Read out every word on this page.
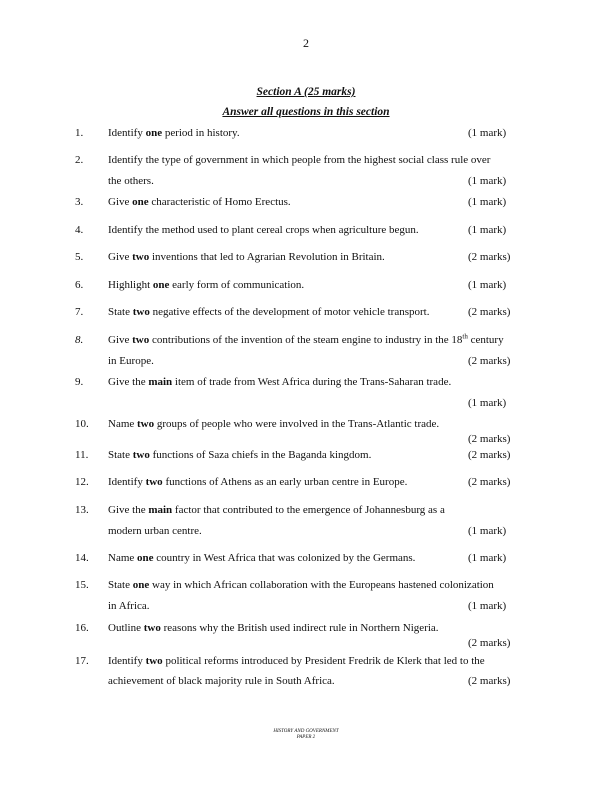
2
Section A (25 marks)
Answer all questions in this section
1. Identify one period in history.	(1 mark)
2. Identify the type of government in which people from the highest social class rule over
the others.	(1 mark)
3. Give one characteristic of Homo Erectus.	(1 mark)
4. Identify the method used to plant cereal crops when agriculture begun.	(1 mark)
5. Give two inventions that led to Agrarian Revolution in Britain.	(2 marks)
6. Highlight one early form of communication.	(1 mark)
7. State two negative effects of the development of motor vehicle transport.	(2 marks)
8. Give two contributions of the invention of the steam engine to industry in the 18th century
in Europe.	(2 marks)
9. Give the main item of trade from West Africa during the Trans-Saharan trade.
(1 mark)
10. Name two groups of people who were involved in the Trans-Atlantic trade.
(2 marks)
11. State two functions of Saza chiefs in the Baganda kingdom.	(2 marks)
12. Identify two functions of Athens as an early urban centre in Europe.	(2 marks)
13. Give the main factor that contributed to the emergence of Johannesburg as a
modern urban centre.	(1 mark)
14. Name one country in West Africa that was colonized by the Germans.	(1 mark)
15. State one way in which African collaboration with the Europeans hastened colonization
in Africa.	(1 mark)
16. Outline two reasons why the British used indirect rule in Northern Nigeria.
(2 marks)
17. Identify two political reforms introduced by President Fredrik de Klerk that led to the
achievement of black majority rule in South Africa.	(2 marks)
HISTORY AND GOVERNMENT
PAPER 2
